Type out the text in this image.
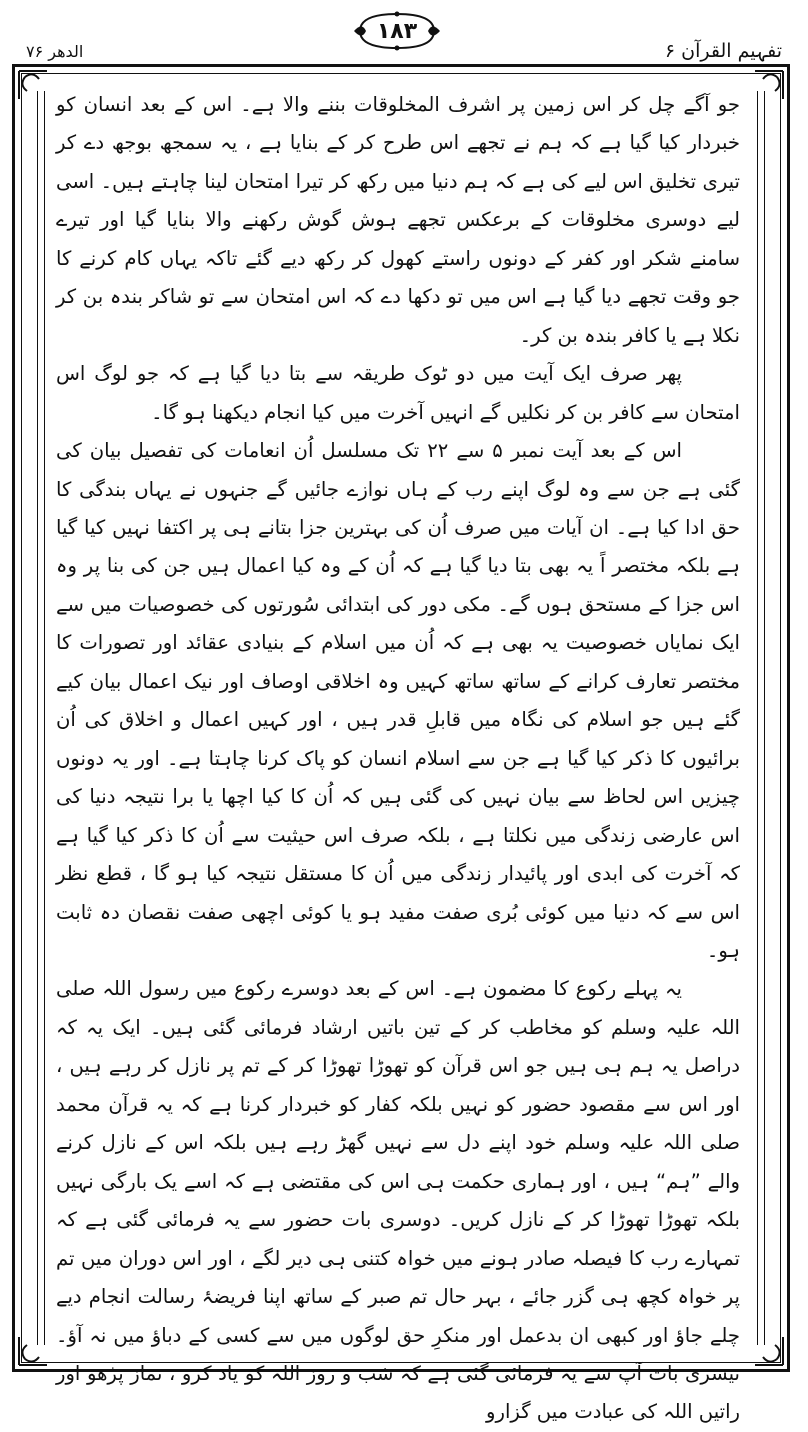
الدھر ۷۶
۱۸۳
تفہیم القرآن ۶

جو آگے چل کر اس زمین پر اشرف المخلوقات بننے والا ہے۔ اس کے بعد انسان کو خبردار کیا گیا ہے کہ ہم نے تجھے اس طرح کر کے بنایا ہے ، یہ سمجھ بوجھ دے کر تیری تخلیق اس لیے کی ہے کہ ہم دنیا میں رکھ کر تیرا امتحان لینا چاہتے ہیں۔ اسی لیے دوسری مخلوقات کے برعکس تجھے ہوش گوش رکھنے والا بنایا گیا اور تیرے سامنے شکر اور کفر کے دونوں راستے کھول کر رکھ دیے گئے تاکہ یہاں کام کرنے کا جو وقت تجھے دیا گیا ہے اس میں تو دکھا دے کہ اس امتحان سے تو شاکر بندہ بن کر نکلا ہے یا کافر بندہ بن کر۔

پھر صرف ایک آیت میں دو ٹوک طریقہ سے بتا دیا گیا ہے کہ جو لوگ اس امتحان سے کافر بن کر نکلیں گے انہیں آخرت میں کیا انجام دیکھنا ہو گا۔

اس کے بعد آیت نمبر ۵ سے ۲۲ تک مسلسل اُن انعامات کی تفصیل بیان کی گئی ہے جن سے وہ لوگ اپنے رب کے ہاں نوازے جائیں گے جنہوں نے یہاں بندگی کا حق ادا کیا ہے۔ ان آیات میں صرف اُن کی بہترین جزا بتانے ہی پر اکتفا نہیں کیا گیا ہے بلکہ مختصر اً یہ بھی بتا دیا گیا ہے کہ اُن کے وہ کیا اعمال ہیں جن کی بنا پر وہ اس جزا کے مستحق ہوں گے۔ مکی دور کی ابتدائی سُورتوں کی خصوصیات میں سے ایک نمایاں خصوصیت یہ بھی ہے کہ اُن میں اسلام کے بنیادی عقائد اور تصورات کا مختصر تعارف کرانے کے ساتھ ساتھ کہیں وہ اخلاقی اوصاف اور نیک اعمال بیان کیے گئے ہیں جو اسلام کی نگاہ میں قابلِ قدر ہیں ، اور کہیں اعمال و اخلاق کی اُن برائیوں کا ذکر کیا گیا ہے جن سے اسلام انسان کو پاک کرنا چاہتا ہے۔ اور یہ دونوں چیزیں اس لحاظ سے بیان نہیں کی گئی ہیں کہ اُن کا کیا اچھا یا برا نتیجہ دنیا کی اس عارضی زندگی میں نکلتا ہے ، بلکہ صرف اس حیثیت سے اُن کا ذکر کیا گیا ہے کہ آخرت کی ابدی اور پائیدار زندگی میں اُن کا مستقل نتیجہ کیا ہو گا ، قطع نظر اس سے کہ دنیا میں کوئی بُری صفت مفید ہو یا کوئی اچھی صفت نقصان دہ ثابت ہو۔

یہ پہلے رکوع کا مضمون ہے۔ اس کے بعد دوسرے رکوع میں رسول اللہ صلی اللہ علیہ وسلم کو مخاطب کر کے تین باتیں ارشاد فرمائی گئی ہیں۔ ایک یہ کہ دراصل یہ ہم ہی ہیں جو اس قرآن کو تھوڑا تھوڑا کر کے تم پر نازل کر رہے ہیں ، اور اس سے مقصود حضور کو نہیں بلکہ کفار کو خبردار کرنا ہے کہ یہ قرآن محمد صلی اللہ علیہ وسلم خود اپنے دل سے نہیں گھڑ رہے ہیں بلکہ اس کے نازل کرنے والے ”ہم“ ہیں ، اور ہماری حکمت ہی اس کی مقتضی ہے کہ اسے یک بارگی نہیں بلکہ تھوڑا تھوڑا کر کے نازل کریں۔ دوسری بات حضور سے یہ فرمائی گئی ہے کہ تمہارے رب کا فیصلہ صادر ہونے میں خواہ کتنی ہی دیر لگے ، اور اس دوران میں تم پر خواہ کچھ ہی گزر جائے ، بہر حال تم صبر کے ساتھ اپنا فریضۂ رسالت انجام دیے چلے جاؤ اور کبھی ان بدعمل اور منکرِ حق لوگوں میں سے کسی کے دباؤ میں نہ آؤ۔ تیسری بات آپ سے یہ فرمائی گئی ہے کہ شب و روز اللہ کو یاد کرو ، نماز پڑھو اور راتیں اللہ کی عبادت میں گزارو
